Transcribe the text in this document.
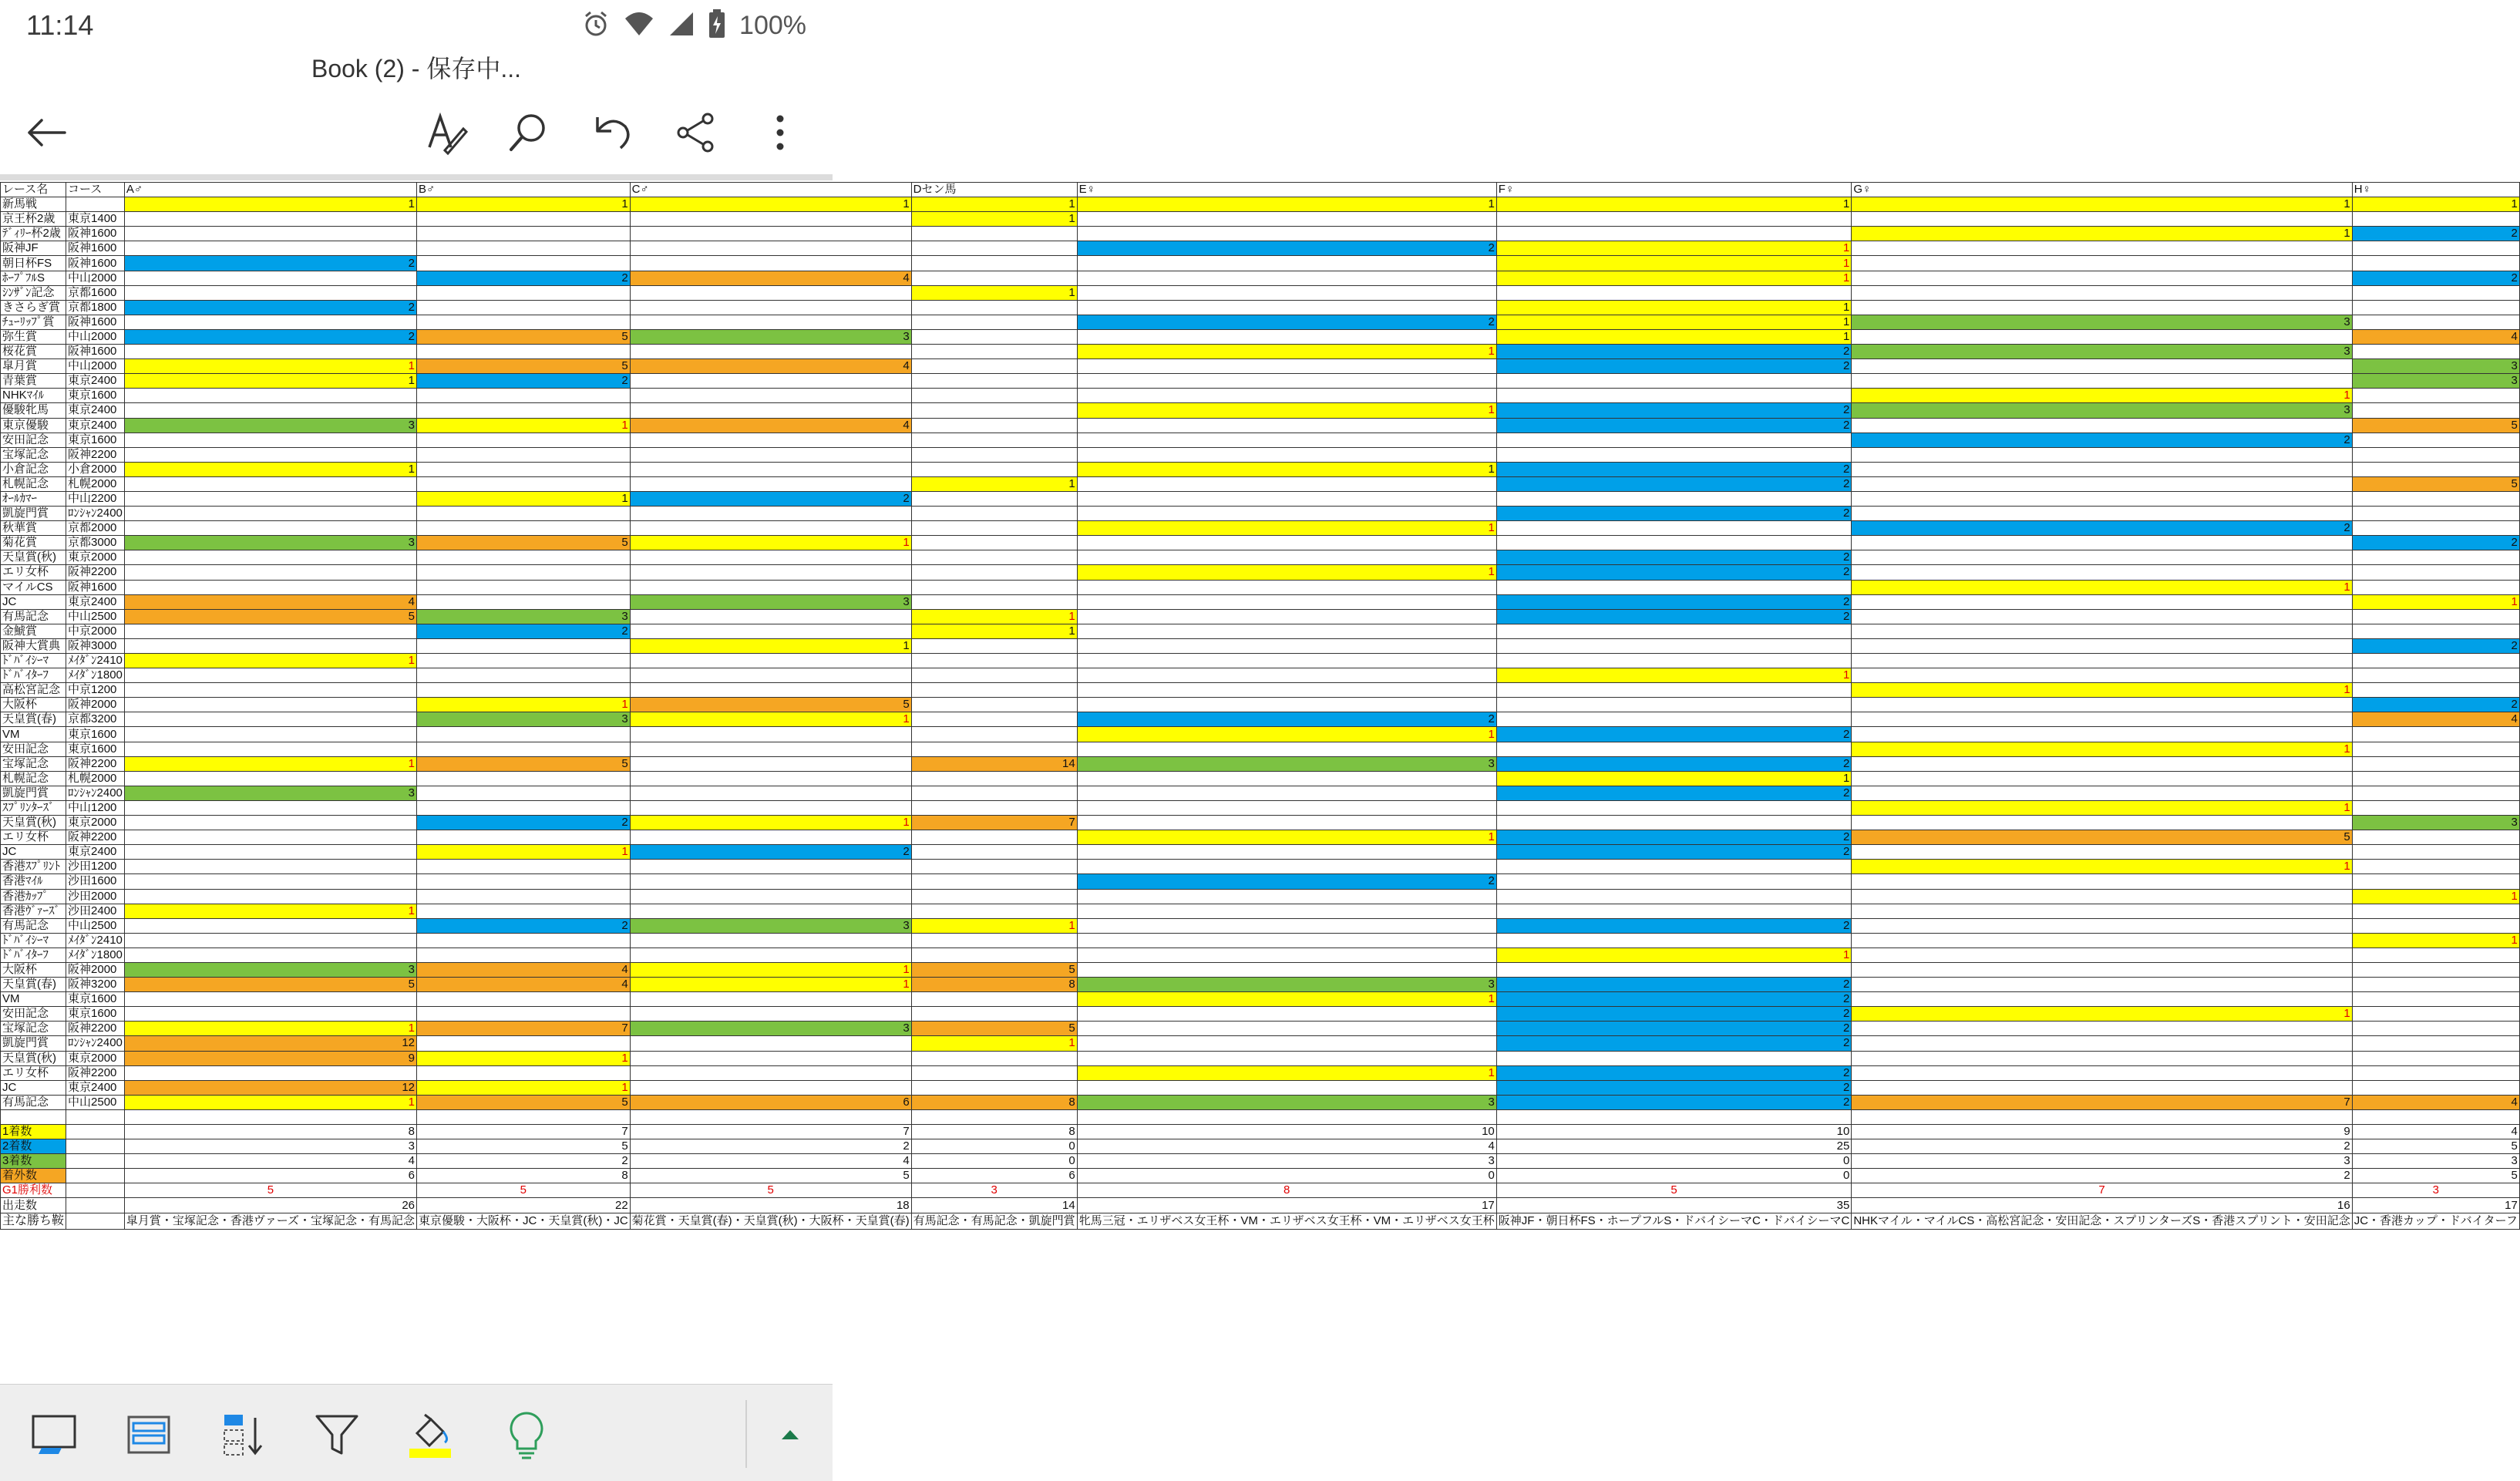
11:14	100%
Book (2) - 保存中...
レース名	コース	A♂	B♂	C♂	Dセン馬	E♀	F♀	G♀	H♀
新馬戦		1	1	1	1	1	1	1	1
京王杯2歳	東京1400				1				
ﾃﾞｨﾘｰ杯2歳	阪神1600							1	2
阪神JF	阪神1600					2	1		
朝日杯FS	阪神1600	2					1		
ﾎｰﾌﾟﾌﾙS	中山2000		2	4			1		2
ｼﾝｻﾞﾝ記念	京都1600				1				
きさらぎ賞	京都1800	2					1		
ﾁｭｰﾘｯﾌﾟ賞	阪神1600					2	1	3	
弥生賞	中山2000	2	5	3			1		4
桜花賞	阪神1600					1	2	3	
皐月賞	中山2000	1	5	4			2		3
青葉賞	東京2400	1	2						3
NHKﾏｲﾙ	東京1600							1	
優駿牝馬	東京2400					1	2	3	
東京優駿	東京2400	3	1	4			2		5
安田記念	東京1600							2	
宝塚記念	阪神2200								
小倉記念	小倉2000	1				1	2		
札幌記念	札幌2000				1		2		5
ｵｰﾙｶﾏｰ	中山2200		1	2					
凱旋門賞	ﾛﾝｼｬﾝ2400						2		
秋華賞	京都2000					1		2	
菊花賞	京都3000	3	5	1					2
天皇賞(秋)	東京2000						2		
エリ女杯	阪神2200					1	2		
マイルCS	阪神1600							1	
JC	東京2400	4		3			2		1
有馬記念	中山2500	5	3		1		2		
金鯱賞	中京2000		2		1				
阪神大賞典	阪神3000			1					2
ﾄﾞﾊﾞｲｼｰﾏ	ﾒｲﾀﾞﾝ2410	1							
ﾄﾞﾊﾞｲﾀｰﾌ	ﾒｲﾀﾞﾝ1800						1		
高松宮記念	中京1200							1	
大阪杯	阪神2000		1	5					2
天皇賞(春)	京都3200		3	1		2			4
VM	東京1600					1	2		
安田記念	東京1600							1	
宝塚記念	阪神2200	1	5		14	3	2		
札幌記念	札幌2000						1		
凱旋門賞	ﾛﾝｼｬﾝ2400	3					2		
ｽﾌﾟﾘﾝﾀｰｽﾞ	中山1200							1	
天皇賞(秋)	東京2000		2	1	7				3
エリ女杯	阪神2200					1	2	5	
JC	東京2400		1	2			2		
香港ｽﾌﾟﾘﾝﾄ	沙田1200							1	
香港ﾏｲﾙ	沙田1600					2			
香港ｶｯﾌﾟ	沙田2000								1
香港ｳﾞｧｰｽﾞ	沙田2400	1							
有馬記念	中山2500		2	3	1		2		
ﾄﾞﾊﾞｲｼｰﾏ	ﾒｲﾀﾞﾝ2410								1
ﾄﾞﾊﾞｲﾀｰﾌ	ﾒｲﾀﾞﾝ1800						1		
大阪杯	阪神2000	3	4	1	5				
天皇賞(春)	阪神3200	5	4	1	8	3	2		
VM	東京1600					1	2		
安田記念	東京1600						2	1	
宝塚記念	阪神2200	1	7	3	5		2		
凱旋門賞	ﾛﾝｼｬﾝ2400	12			1		2		
天皇賞(秋)	東京2000	9	1						
エリ女杯	阪神2200					1	2		
JC	東京2400	12	1				2		
有馬記念	中山2500	1	5	6	8	3	2	7	4

1着数		8	7	7	8	10	10	9	4
2着数		3	5	2	0	4	25	2	5
3着数		4	2	4	0	3	0	3	3
着外数		6	8	5	6	0	0	2	5
G1勝利数		5	5	5	3	8	5	7	3
出走数		26	22	18	14	17	35	16	17
主な勝ち鞍		皐月賞・宝塚記念・香港ヴァーズ・宝塚記念・有馬記念	東京優駿・大阪杯・JC・天皇賞(秋)・JC	菊花賞・天皇賞(春)・天皇賞(秋)・大阪杯・天皇賞(春)	有馬記念・有馬記念・凱旋門賞	牝馬三冠・エリザベス女王杯・VM・エリザベス女王杯・VM・エリザベス女王杯	阪神JF・朝日杯FS・ホープフルS・ドバイシーマC・ドバイシーマC	NHKマイル・マイルCS・高松宮記念・安田記念・スプリンターズS・香港スプリント・安田記念	JC・香港カップ・ドバイターフ
